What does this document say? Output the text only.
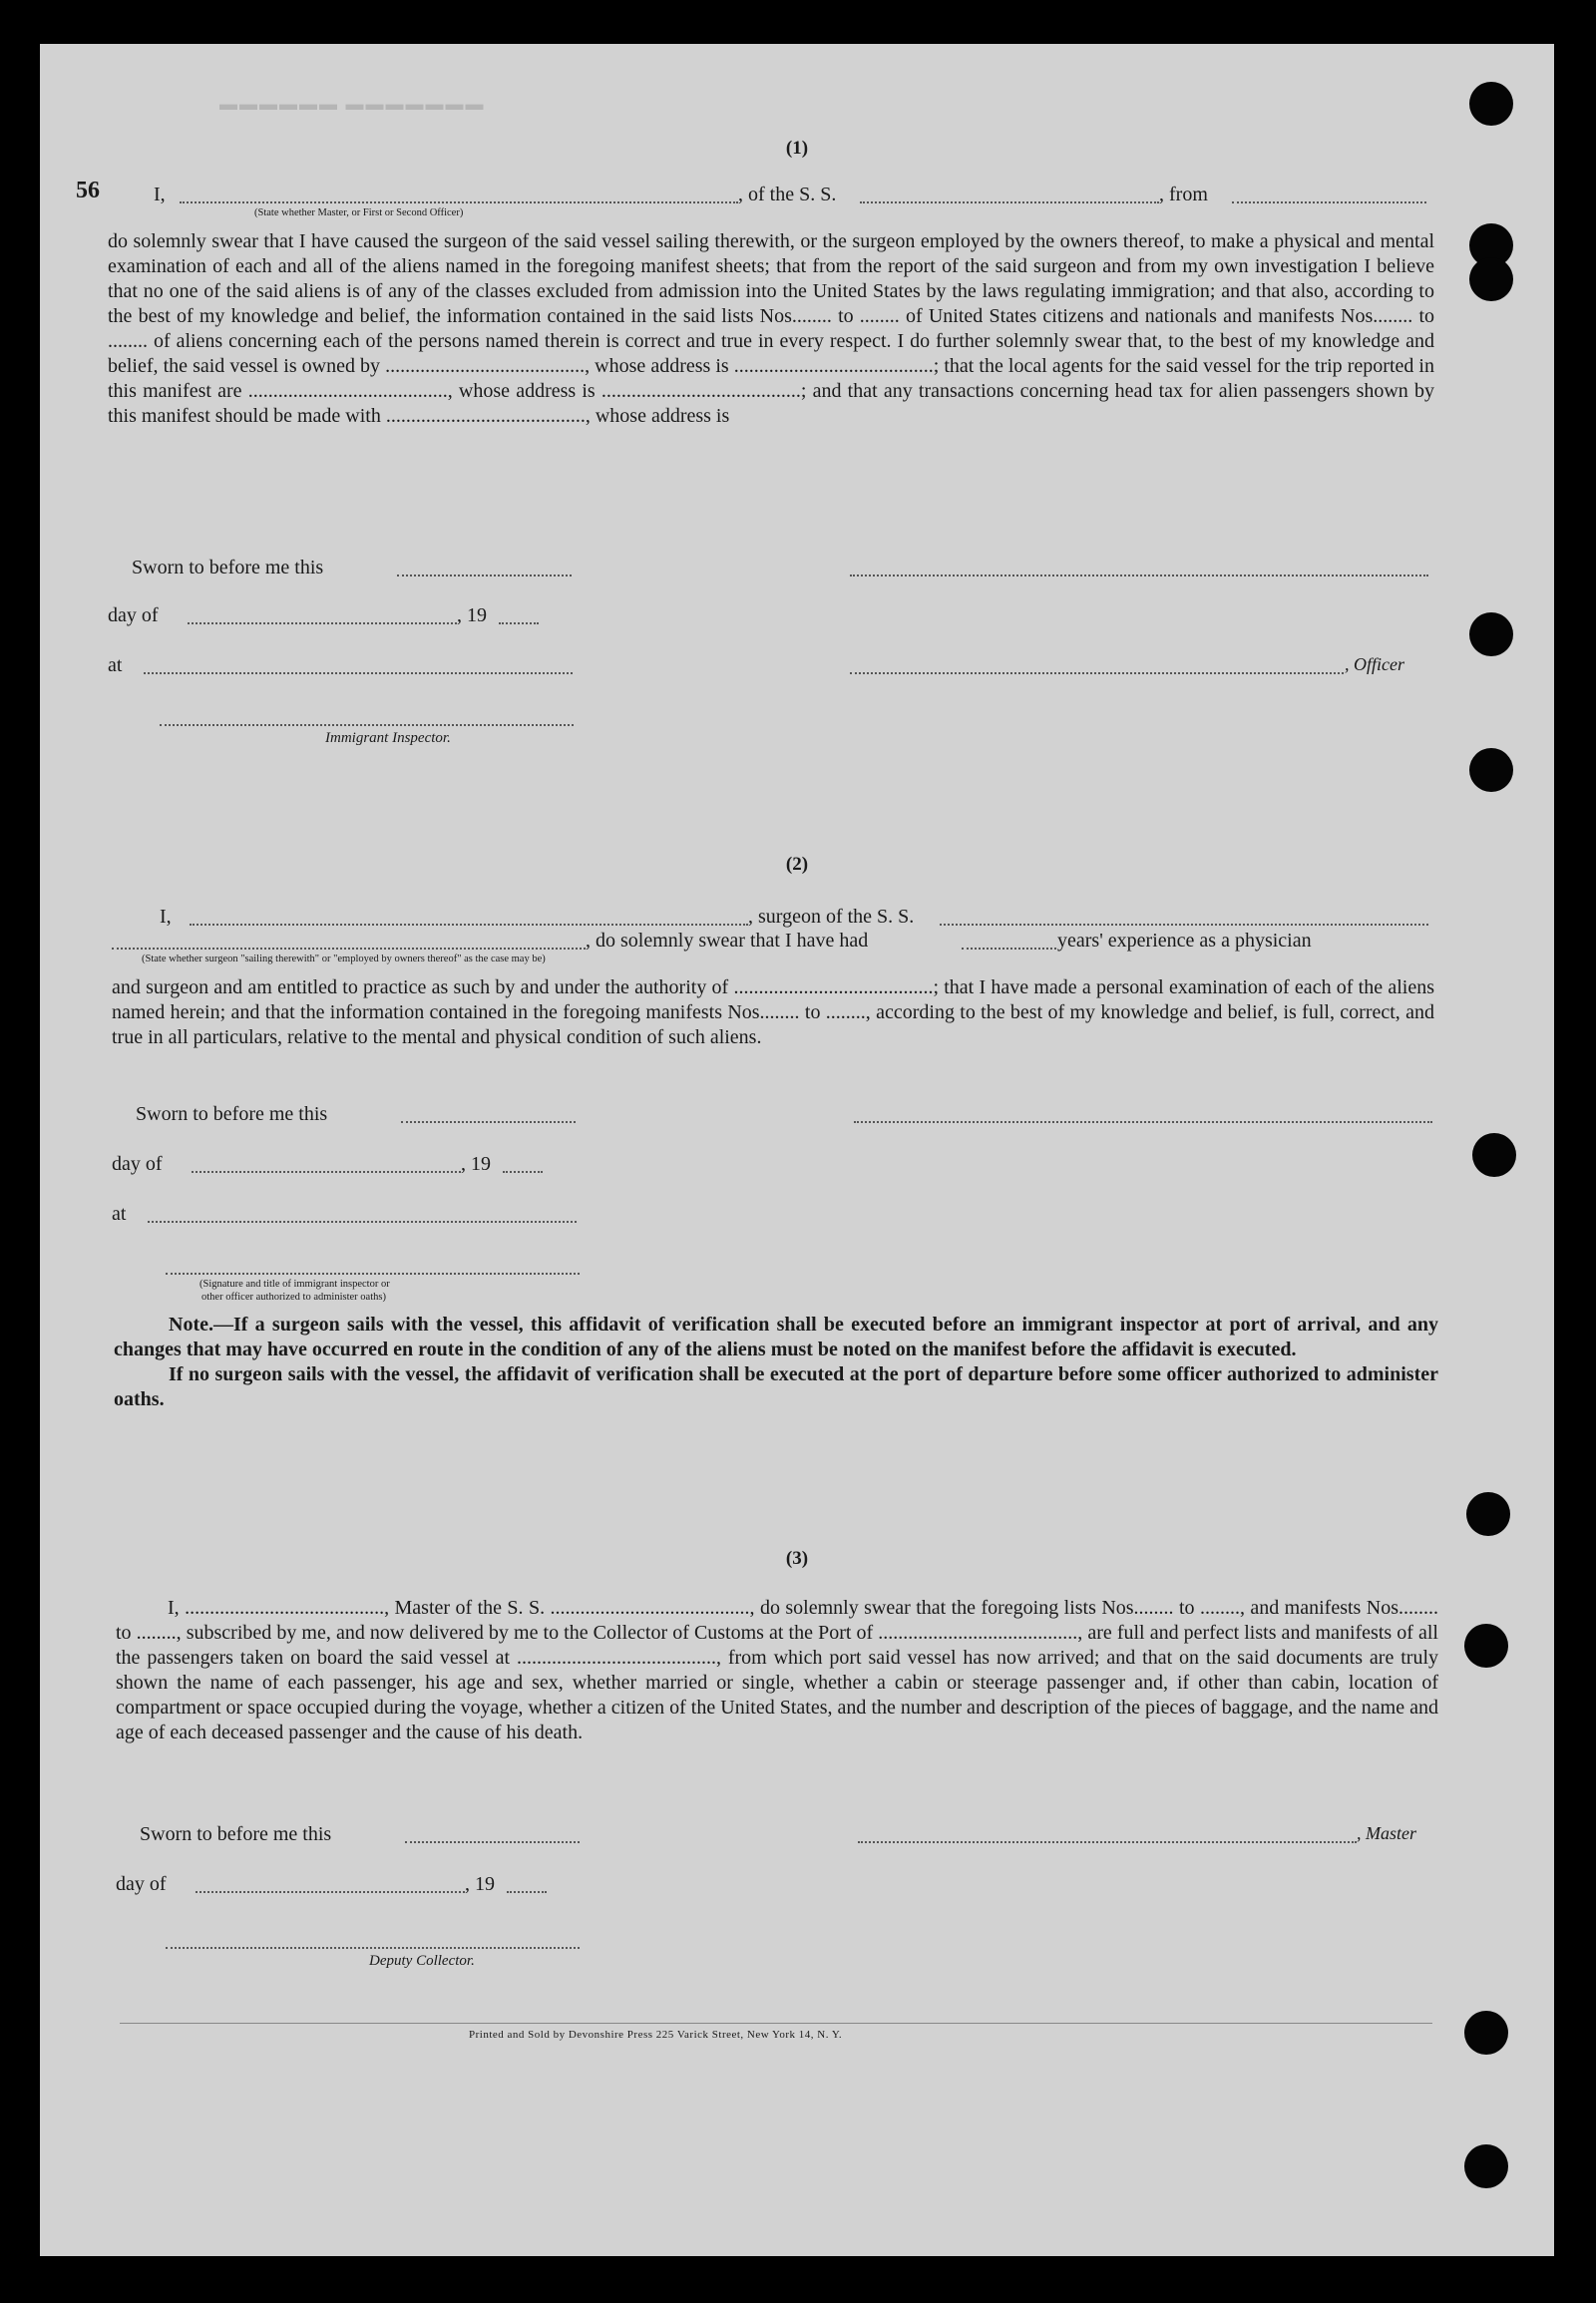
▬▬▬▬▬▬ ▬▬▬▬▬▬▬
56
(1)
I,	, of the S. S.	, from
(State whether Master, or First or Second Officer)

do solemnly swear that I have caused the surgeon of the said vessel sailing therewith, or the surgeon employed by the owners thereof, to make a physical and mental examination of each and all of the aliens named in the foregoing manifest sheets; that from the report of the said surgeon and from my own investigation I believe that no one of the said aliens is of any of the classes excluded from admission into the United States by the laws regulating immigration; and that also, according to the best of my knowledge and belief, the information contained in the said lists Nos........ to ........ of United States citizens and nationals and manifests Nos........ to ........ of aliens concerning each of the persons named therein is correct and true in every respect. I do further solemnly swear that, to the best of my knowledge and belief, the said vessel is owned by ........................................, whose address is ........................................; that the local agents for the said vessel for the trip reported in this manifest are ........................................, whose address is ........................................; and that any transactions concerning head tax for alien passengers shown by this manifest should be made with ........................................, whose address is

Sworn to before me this
day of	, 19
at	, Officer
Immigrant Inspector.
(2)
I,	, surgeon of the S. S.
, do solemnly swear that I have had	years' experience as a physician
(State whether surgeon "sailing therewith" or "employed by owners thereof" as the case may be)

and surgeon and am entitled to practice as such by and under the authority of ........................................; that I have made a personal examination of each of the aliens named herein; and that the information contained in the foregoing manifests Nos........ to ........, according to the best of my knowledge and belief, is full, correct, and true in all particulars, relative to the mental and physical condition of such aliens.

Sworn to before me this
day of	, 19
at
(Signature and title of immigrant inspector or
other officer authorized to administer oaths)

Note.—If a surgeon sails with the vessel, this affidavit of verification shall be executed before an immigrant inspector at port of arrival, and any changes that may have occurred en route in the condition of any of the aliens must be noted on the manifest before the affidavit is executed.

If no surgeon sails with the vessel, the affidavit of verification shall be executed at the port of departure before some officer authorized to administer oaths.

(3)

I, ........................................, Master of the S. S. ........................................, do solemnly swear that the foregoing lists Nos........ to ........, and manifests Nos........ to ........, subscribed by me, and now delivered by me to the Collector of Customs at the Port of ........................................, are full and perfect lists and manifests of all the passengers taken on board the said vessel at ........................................, from which port said vessel has now arrived; and that on the said documents are truly shown the name of each passenger, his age and sex, whether married or single, whether a cabin or steerage passenger and, if other than cabin, location of compartment or space occupied during the voyage, whether a citizen of the United States, and the number and description of the pieces of baggage, and the name and age of each deceased passenger and the cause of his death.

Sworn to before me this	, Master
day of	, 19
Deputy Collector.
Printed and Sold by Devonshire Press 225 Varick Street, New York 14, N. Y.
